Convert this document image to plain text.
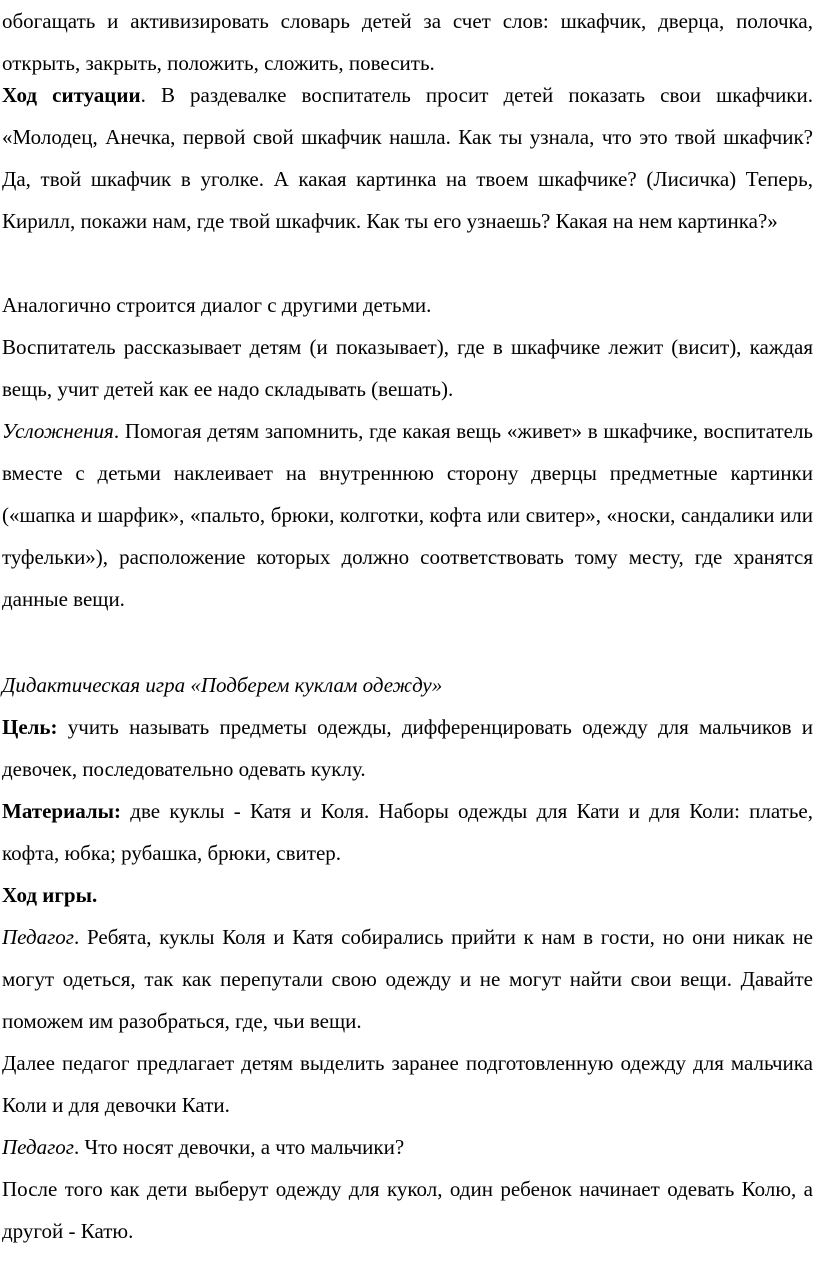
обогащать и активизировать словарь детей за счет слов: шкафчик, дверца, полочка, открыть, закрыть, положить, сложить, повесить.

Ход ситуации. В раздевалке воспитатель просит детей показать свои шкафчики. «Молодец, Анечка, первой свой шкафчик нашла. Как ты узнала, что это твой шкафчик? Да, твой шкафчик в уголке. А какая картинка на твоем шкафчике? (Лисичка) Теперь, Кирилл, покажи нам, где твой шкафчик. Как ты его узнаешь? Какая на нем картинка?»

Аналогично строится диалог с другими детьми.

Воспитатель рассказывает детям (и показывает), где в шкафчике лежит (висит), каждая вещь, учит детей как ее надо складывать (вешать).

Усложнения. Помогая детям запомнить, где какая вещь «живет» в шкафчике, воспитатель вместе с детьми наклеивает на внутреннюю сторону дверцы предметные картинки («шапка и шарфик», «пальто, брюки, колготки, кофта или свитер», «носки, сандалики или туфельки»), расположение которых должно соответствовать тому месту, где хранятся данные вещи.

Дидактическая игра «Подберем куклам одежду»

Цель: учить называть предметы одежды, дифференцировать одежду для мальчиков и девочек, последовательно одевать куклу.

Материалы: две куклы - Катя и Коля. Наборы одежды для Кати и для Коли: платье, кофта, юбка; рубашка, брюки, свитер.

Ход игры.

Педагог. Ребята, куклы Коля и Катя собирались прийти к нам в гости, но они никак не могут одеться, так как перепутали свою одежду и не могут найти свои вещи. Давайте поможем им разобраться, где, чьи вещи.

Далее педагог предлагает детям выделить заранее подготовленную одежду для мальчика Коли и для девочки Кати.

Педагог. Что носят девочки, а что мальчики?

После того как дети выберут одежду для кукол, один ребенок начинает одевать Колю, а другой - Катю.
